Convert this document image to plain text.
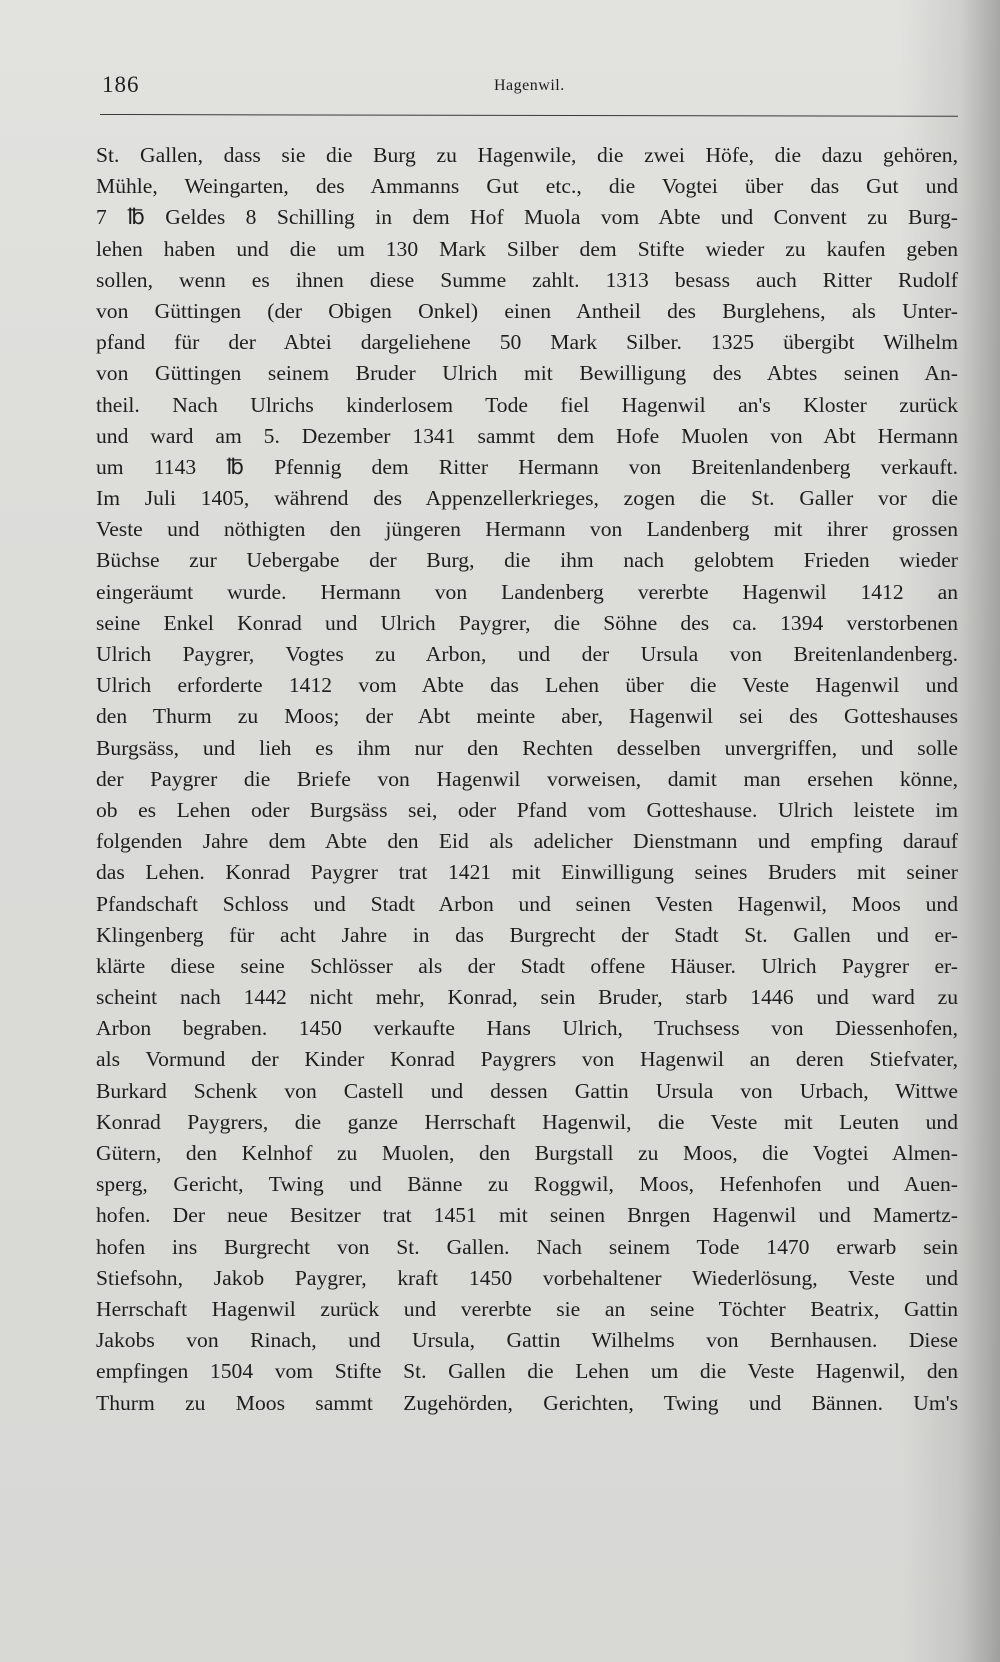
186	Hagenwil.
St. Gallen, dass sie die Burg zu Hagenwile, die zwei Höfe, die dazu gehören,
Mühle, Weingarten, des Ammanns Gut etc., die Vogtei über das Gut und
7 ℔ Geldes 8 Schilling in dem Hof Muola vom Abte und Convent zu Burg-
lehen haben und die um 130 Mark Silber dem Stifte wieder zu kaufen geben
sollen, wenn es ihnen diese Summe zahlt. 1313 besass auch Ritter Rudolf
von Güttingen (der Obigen Onkel) einen Antheil des Burglehens, als Unter-
pfand für der Abtei dargeliehene 50 Mark Silber. 1325 übergibt Wilhelm
von Güttingen seinem Bruder Ulrich mit Bewilligung des Abtes seinen An-
theil. Nach Ulrichs kinderlosem Tode fiel Hagenwil an's Kloster zurück
und ward am 5. Dezember 1341 sammt dem Hofe Muolen von Abt Hermann
um 1143 ℔ Pfennig dem Ritter Hermann von Breitenlandenberg verkauft.
Im Juli 1405, während des Appenzellerkrieges, zogen die St. Galler vor die
Veste und nöthigten den jüngeren Hermann von Landenberg mit ihrer grossen
Büchse zur Uebergabe der Burg, die ihm nach gelobtem Frieden wieder
eingeräumt wurde. Hermann von Landenberg vererbte Hagenwil 1412 an
seine Enkel Konrad und Ulrich Paygrer, die Söhne des ca. 1394 verstorbenen
Ulrich Paygrer, Vogtes zu Arbon, und der Ursula von Breitenlandenberg.
Ulrich erforderte 1412 vom Abte das Lehen über die Veste Hagenwil und
den Thurm zu Moos; der Abt meinte aber, Hagenwil sei des Gotteshauses
Burgsäss, und lieh es ihm nur den Rechten desselben unvergriffen, und solle
der Paygrer die Briefe von Hagenwil vorweisen, damit man ersehen könne,
ob es Lehen oder Burgsäss sei, oder Pfand vom Gotteshause. Ulrich leistete im
folgenden Jahre dem Abte den Eid als adelicher Dienstmann und empfing darauf
das Lehen. Konrad Paygrer trat 1421 mit Einwilligung seines Bruders mit seiner
Pfandschaft Schloss und Stadt Arbon und seinen Vesten Hagenwil, Moos und
Klingenberg für acht Jahre in das Burgrecht der Stadt St. Gallen und er-
klärte diese seine Schlösser als der Stadt offene Häuser. Ulrich Paygrer er-
scheint nach 1442 nicht mehr, Konrad, sein Bruder, starb 1446 und ward zu
Arbon begraben. 1450 verkaufte Hans Ulrich, Truchsess von Diessenhofen,
als Vormund der Kinder Konrad Paygrers von Hagenwil an deren Stiefvater,
Burkard Schenk von Castell und dessen Gattin Ursula von Urbach, Wittwe
Konrad Paygrers, die ganze Herrschaft Hagenwil, die Veste mit Leuten und
Gütern, den Kelnhof zu Muolen, den Burgstall zu Moos, die Vogtei Almen-
sperg, Gericht, Twing und Bänne zu Roggwil, Moos, Hefenhofen und Auen-
hofen. Der neue Besitzer trat 1451 mit seinen Bnrgen Hagenwil und Mamertz-
hofen ins Burgrecht von St. Gallen. Nach seinem Tode 1470 erwarb sein
Stiefsohn, Jakob Paygrer, kraft 1450 vorbehaltener Wiederlösung, Veste und
Herrschaft Hagenwil zurück und vererbte sie an seine Töchter Beatrix, Gattin
Jakobs von Rinach, und Ursula, Gattin Wilhelms von Bernhausen. Diese
empfingen 1504 vom Stifte St. Gallen die Lehen um die Veste Hagenwil, den
Thurm zu Moos sammt Zugehörden, Gerichten, Twing und Bännen. Um's
